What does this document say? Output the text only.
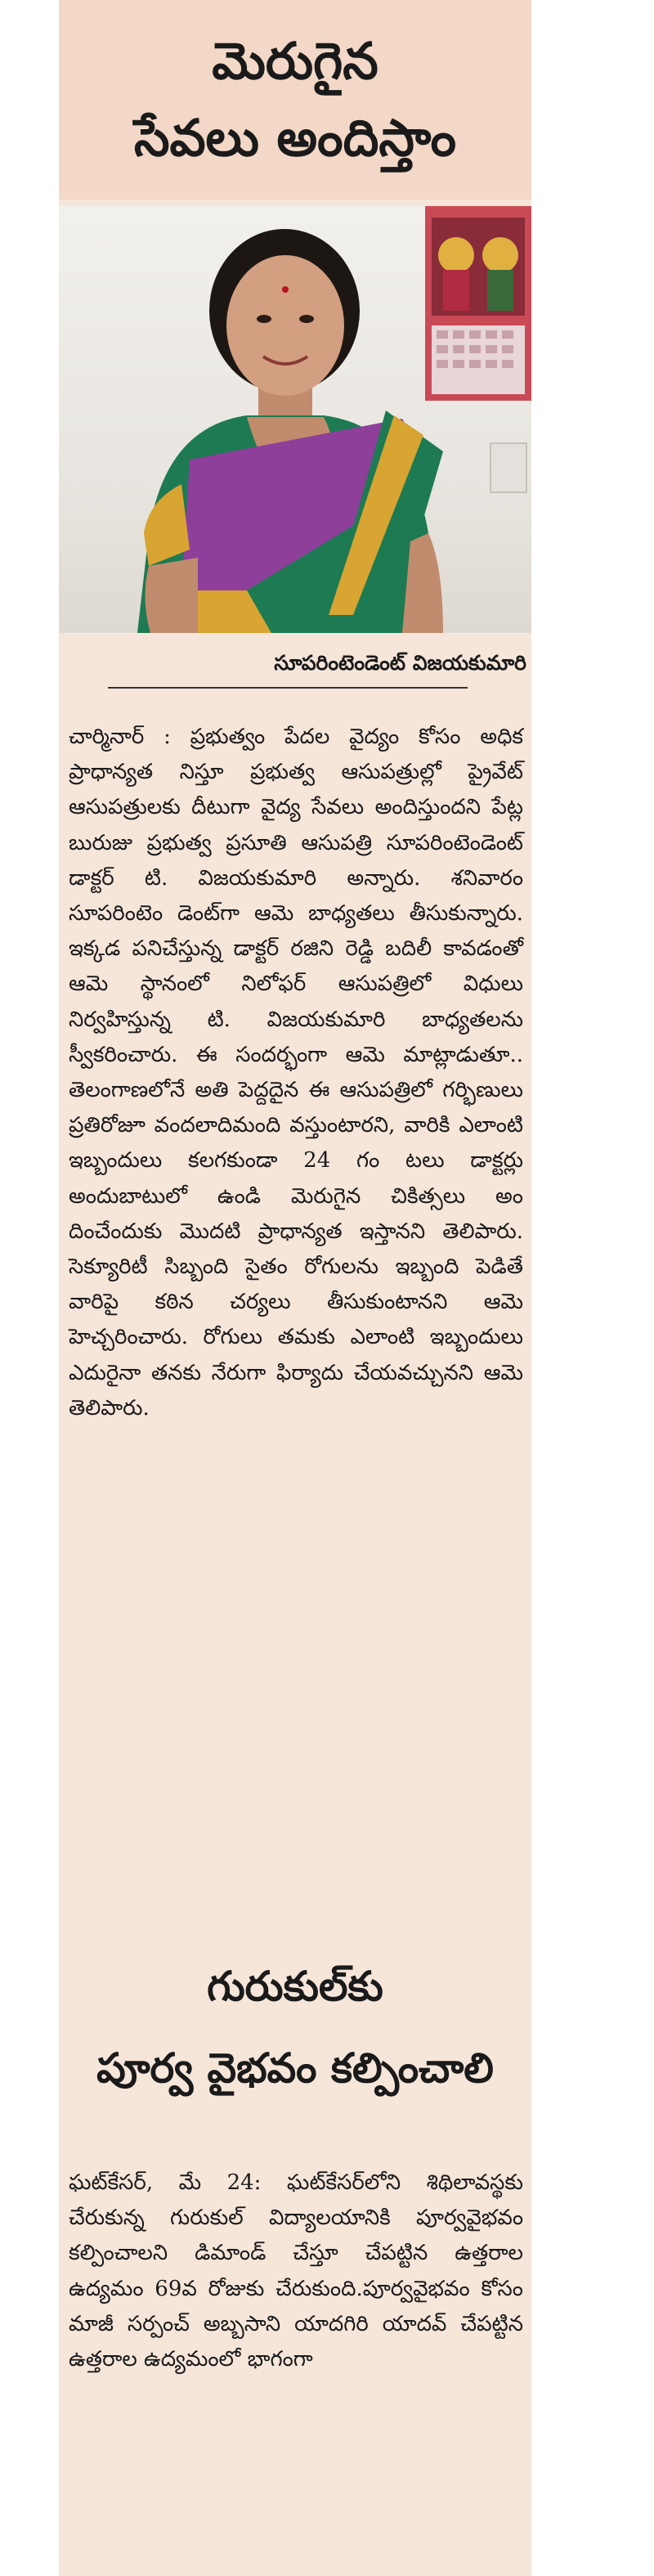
మెరుగైన
సేవలు అందిస్తాం
సూపరింటెండెంట్ విజయకుమారి

చార్మినార్ : ప్రభుత్వం పేదల వైద్యం కోసం అధిక ప్రాధాన్యత నిస్తూ ప్రభుత్వ ఆసుపత్రుల్లో ప్రైవేట్ ఆసుపత్రులకు దీటుగా వైద్య సేవలు అందిస్తుందని పేట్ల బురుజు ప్రభుత్వ ప్రసూతి ఆసుపత్రి సూపరింటెండెంట్ డాక్టర్ టి. విజయకుమారి అన్నారు. శనివారం సూపరింటెం డెంట్‌గా ఆమె బాధ్యతలు తీసుకున్నారు. ఇక్కడ పనిచేస్తున్న డాక్టర్ రజిని రెడ్డి బదిలీ కావడంతో ఆమె స్థానంలో నిలోఫర్ ఆసుపత్రిలో విధులు నిర్వహిస్తున్న టి. విజయకుమారి బాధ్యతలను స్వీకరించారు. ఈ సందర్భంగా ఆమె మాట్లాడుతూ.. తెలంగాణలోనే అతి పెద్దదైన ఈ ఆసుపత్రిలో గర్భిణులు ప్రతిరోజూ వందలాదిమంది వస్తుంటారని, వారికి ఎలాంటి ఇబ్బందులు కలగకుండా 24 గం టలు డాక్టర్లు అందుబాటులో ఉండి మెరుగైన చికిత్సలు అం దించేందుకు మొదటి ప్రాధాన్యత ఇస్తానని తెలిపారు. సెక్యూరిటీ సిబ్బంది సైతం రోగులను ఇబ్బంది పెడితే వారిపై కఠిన చర్యలు తీసుకుంటానని ఆమె హెచ్చరించారు. రోగులు తమకు ఎలాంటి ఇబ్బందులు ఎదురైనా తనకు నేరుగా ఫిర్యాదు చేయవచ్చునని ఆమె తెలిపారు.

గురుకుల్‌కు
పూర్వ వైభవం కల్పించాలి

ఘట్‌కేసర్, మే 24: ఘట్‌కేసర్‌లోని శిథిలావస్థకు చేరుకున్న గురుకుల్ విద్యాలయానికి పూర్వవైభవం కల్పించాలని డిమాండ్ చేస్తూ చేపట్టిన ఉత్తరాల ఉద్యమం 69వ రోజుకు చేరుకుంది.పూర్వవైభవం కోసం మాజీ సర్పంచ్ అబ్బసాని యాదగిరి యాదవ్ చేపట్టిన ఉత్తరాల ఉద్యమంలో భాగంగా
